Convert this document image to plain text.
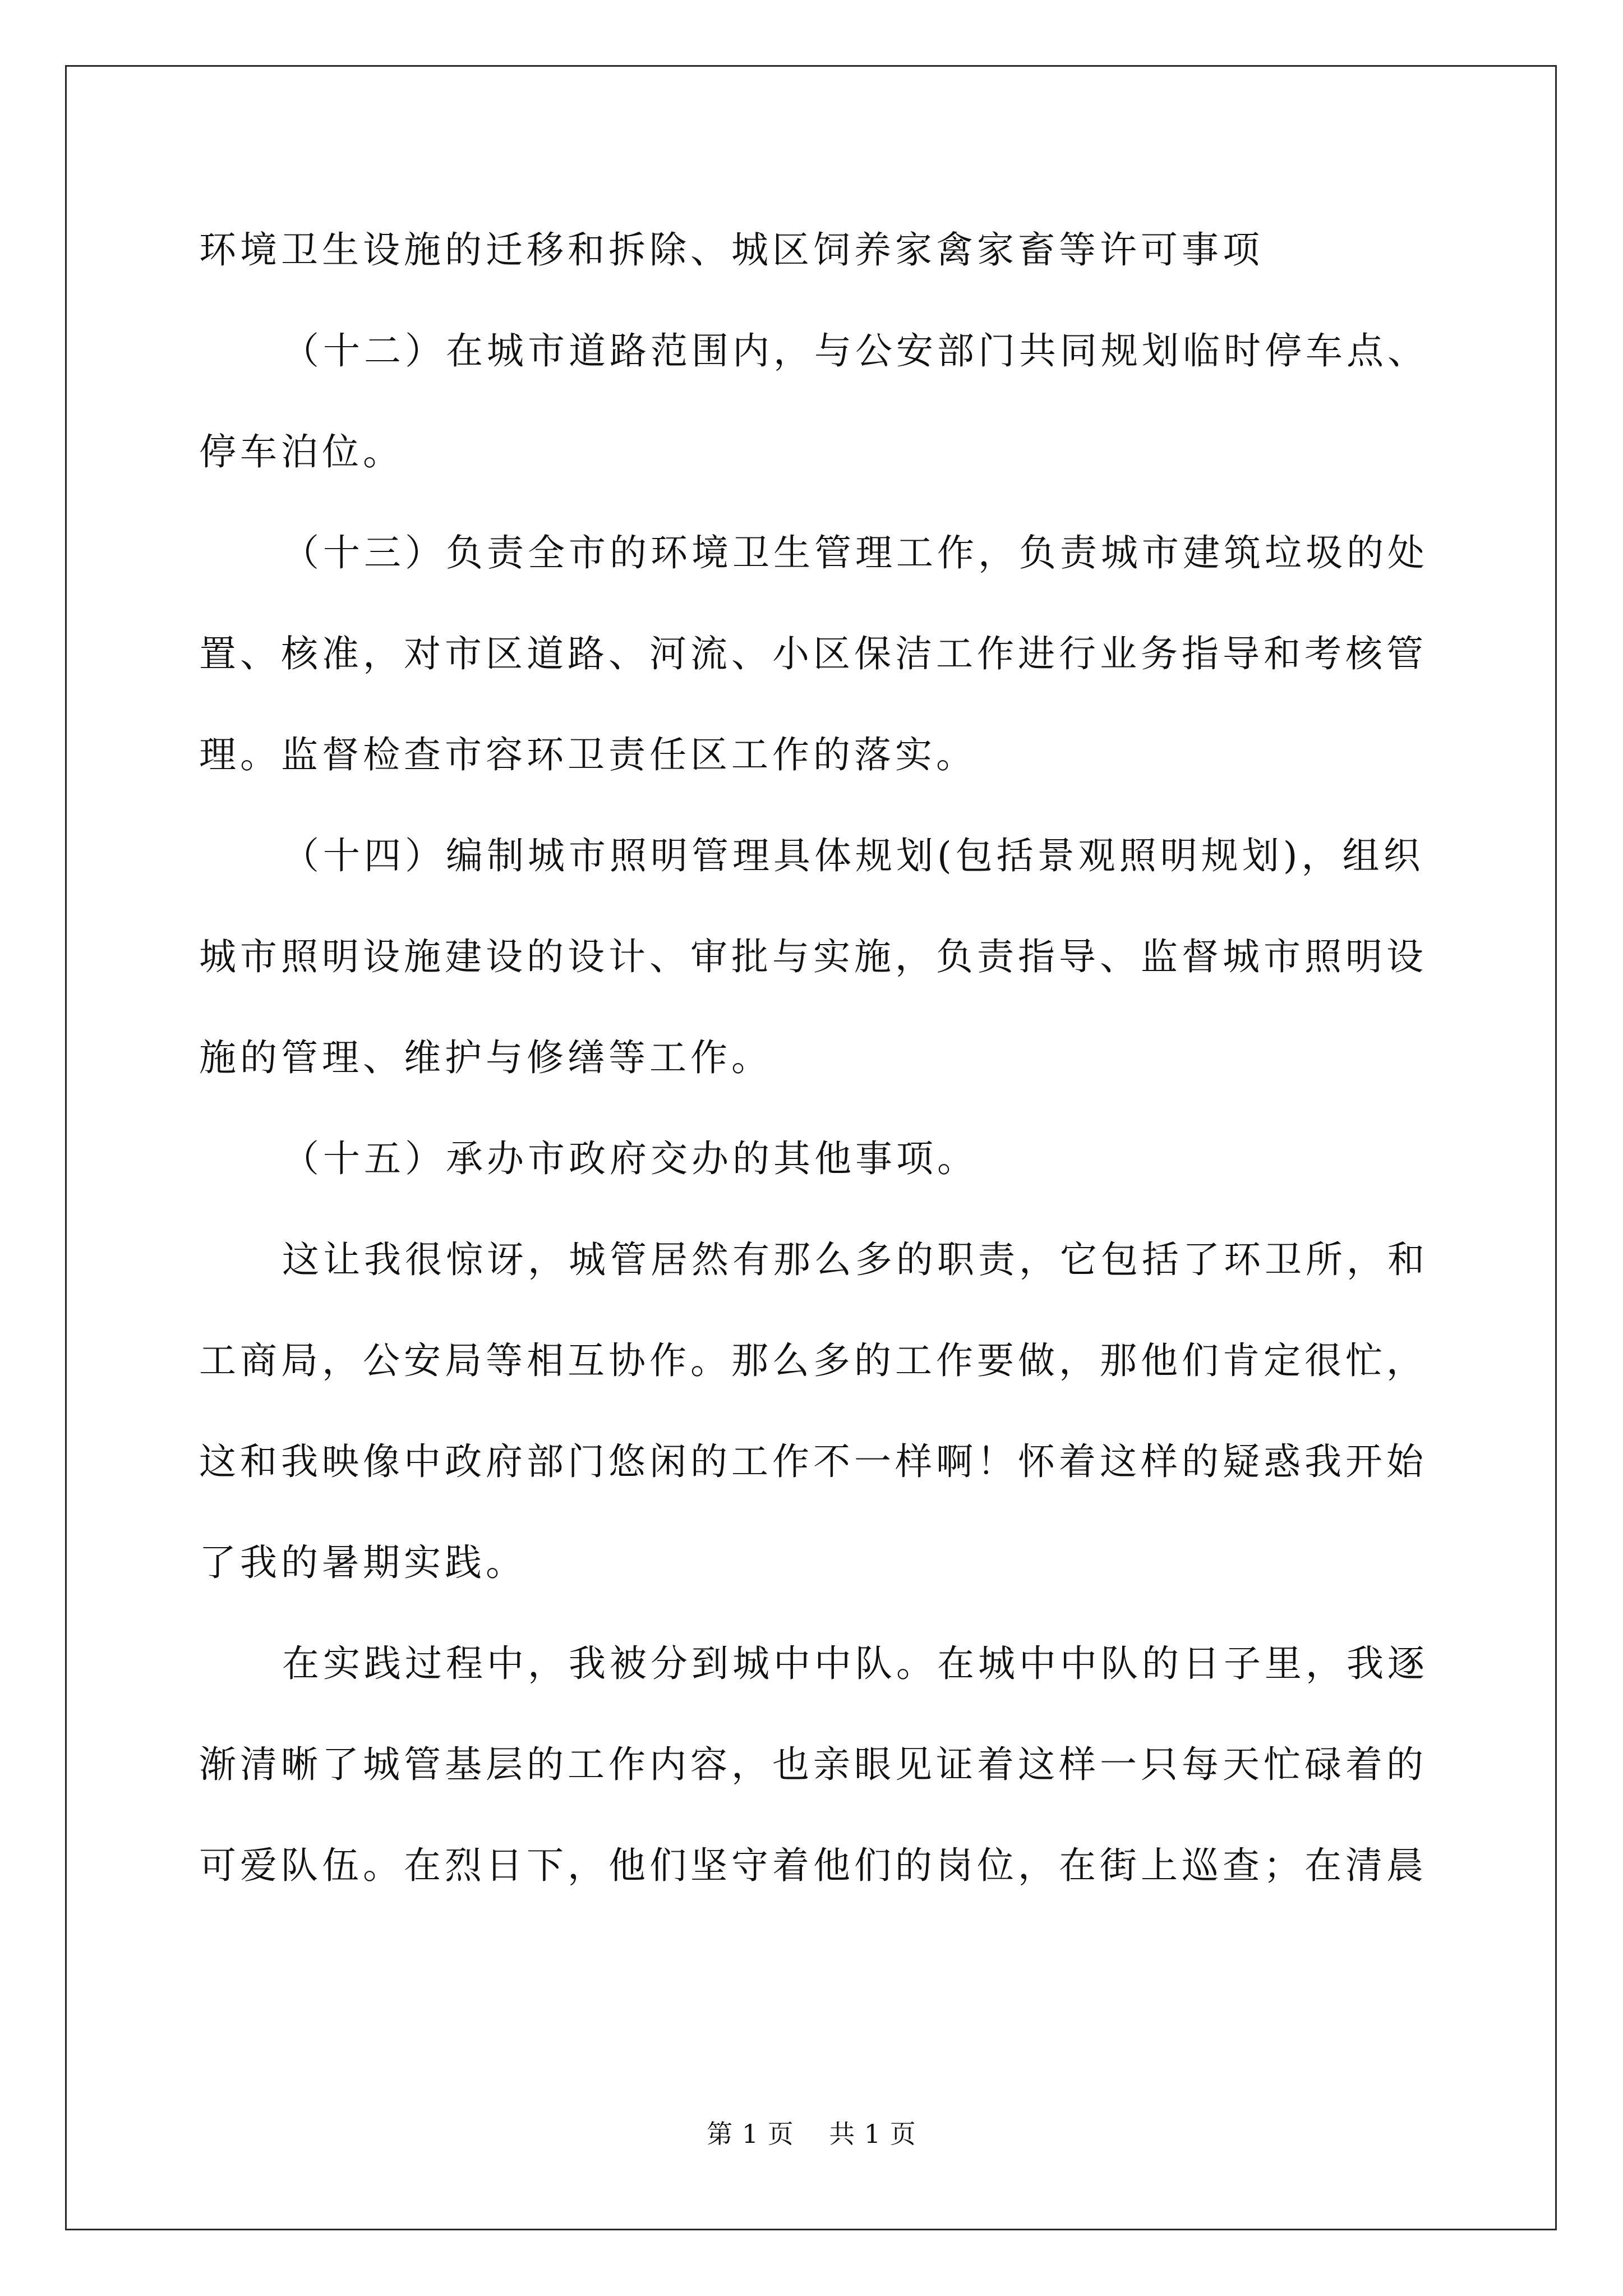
环境卫生设施的迁移和拆除、城区饲养家禽家畜等许可事项
（十二）在城市道路范围内，与公安部门共同规划临时停车点、
停车泊位。
（十三）负责全市的环境卫生管理工作，负责城市建筑垃圾的处
置、核准，对市区道路、河流、小区保洁工作进行业务指导和考核管
理。监督检查市容环卫责任区工作的落实。
（十四）编制城市照明管理具体规划(包括景观照明规划)，组织
城市照明设施建设的设计、审批与实施，负责指导、监督城市照明设
施的管理、维护与修缮等工作。
（十五）承办市政府交办的其他事项。
这让我很惊讶，城管居然有那么多的职责，它包括了环卫所，和
工商局，公安局等相互协作。那么多的工作要做，那他们肯定很忙，
这和我映像中政府部门悠闲的工作不一样啊！怀着这样的疑惑我开始
了我的暑期实践。
在实践过程中，我被分到城中中队。在城中中队的日子里，我逐
渐清晰了城管基层的工作内容，也亲眼见证着这样一只每天忙碌着的
可爱队伍。在烈日下，他们坚守着他们的岗位，在街上巡查；在清晨
第 1 页    共 1 页
